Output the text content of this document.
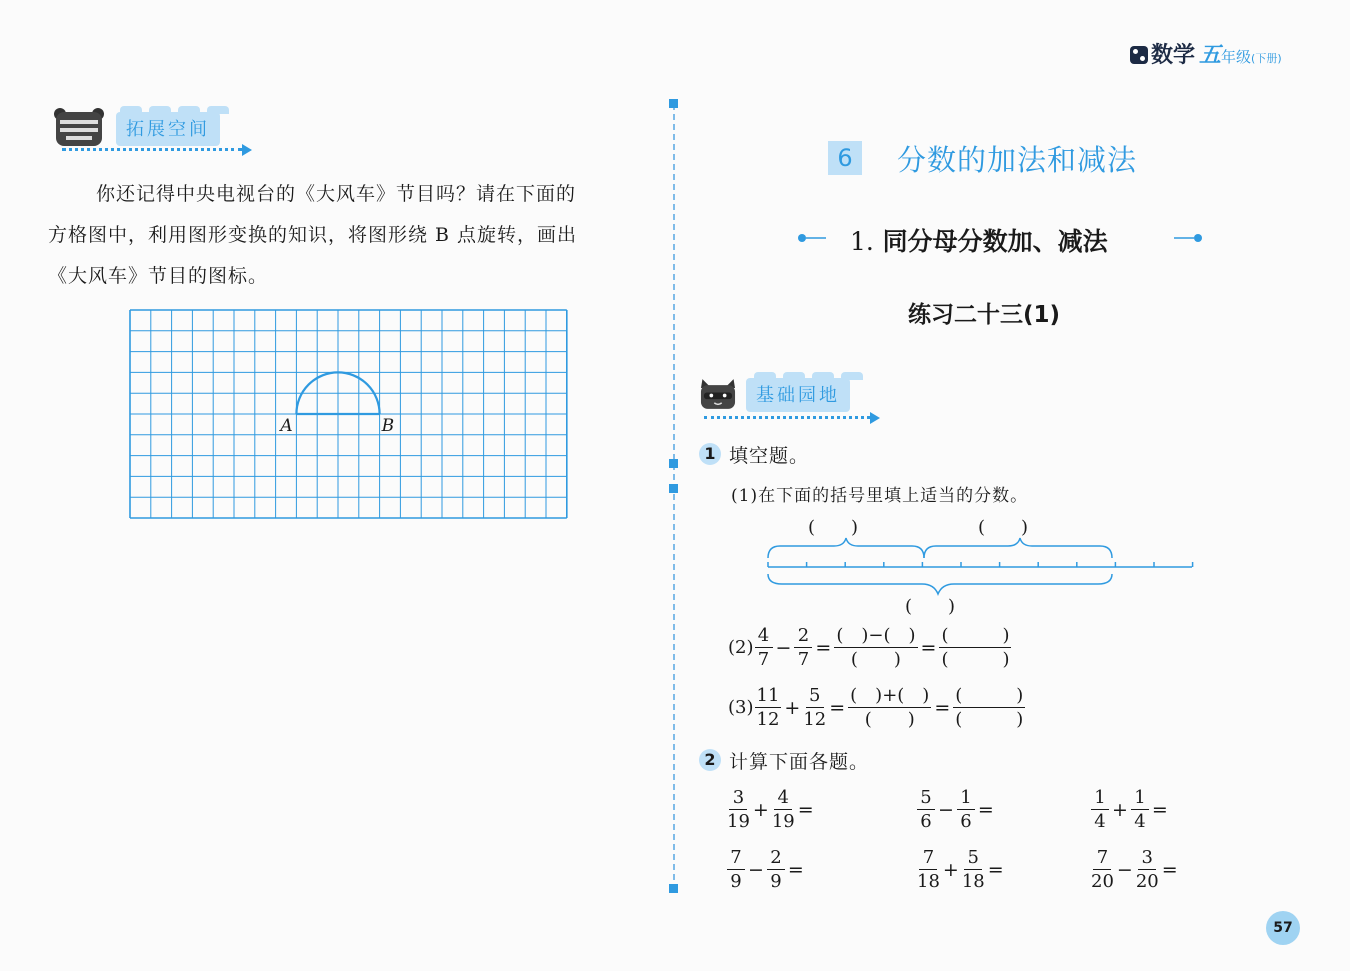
数学 五 年级 (下册)
拓展空间
你还记得中央电视台的《大风车》节目吗？请在下面的
方格图中，利用图形变换的知识，将图形绕 B 点旋转，画出
《大风车》节目的图标。
A	B
6	分数的加法和减法
1. 同分母分数加、减法
练习二十三(1)
基础园地
1 填空题。
(1)在下面的括号里填上适当的分数。
(　　)	(　　)
(　　)
$(2) \frac{4}{7} - \frac{2}{7} = \frac{( )-( )}{( )} = \frac{( )}{( )}$
$(3) \frac{11}{12} + \frac{5}{12} = \frac{( )+( )}{( )} = \frac{( )}{( )}$
2 计算下面各题。
$\frac{3}{19} + \frac{4}{19}$ =	$\frac{5}{6} - \frac{1}{6}$ =	$\frac{1}{4} + \frac{1}{4}$ =
$\frac{7}{9} - \frac{2}{9}$ =	$\frac{7}{18} + \frac{5}{18}$ =	$\frac{7}{20} - \frac{3}{20}$ =
57
